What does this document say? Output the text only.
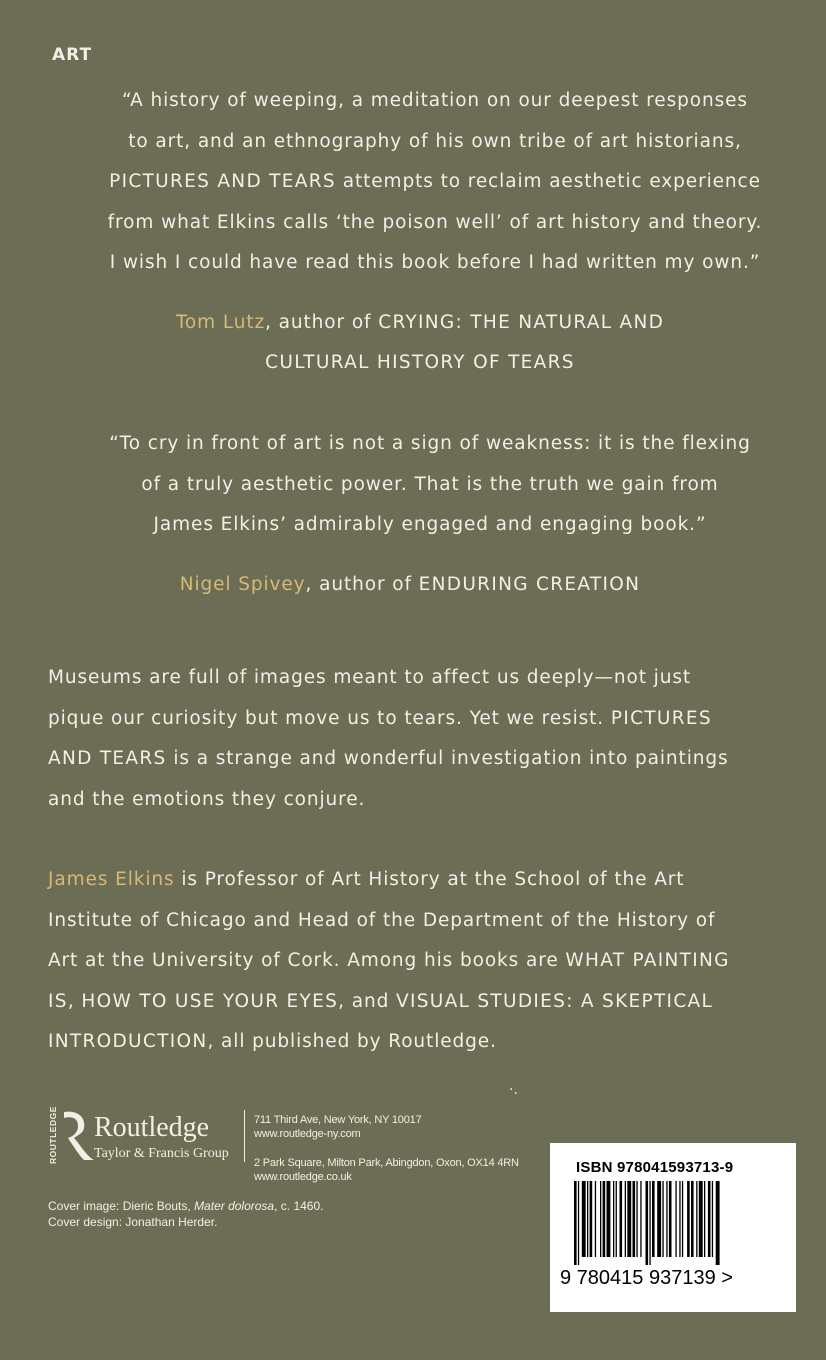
ART
“A history of weeping, a meditation on our deepest responses
to art, and an ethnography of his own tribe of art historians,
PICTURES AND TEARS attempts to reclaim aesthetic experience
from what Elkins calls ‘the poison well’ of art history and theory.
I wish I could have read this book before I had written my own.”
Tom Lutz, author of CRYING: THE NATURAL AND
CULTURAL HISTORY OF TEARS
“To cry in front of art is not a sign of weakness: it is the flexing
of a truly aesthetic power. That is the truth we gain from
James Elkins’ admirably engaged and engaging book.”
Nigel Spivey, author of ENDURING CREATION
Museums are full of images meant to affect us deeply—not just
pique our curiosity but move us to tears. Yet we resist. PICTURES
AND TEARS is a strange and wonderful investigation into paintings
and the emotions they conjure.
James Elkins is Professor of Art History at the School of the Art
Institute of Chicago and Head of the Department of the History of
Art at the University of Cork. Among his books are WHAT PAINTING
IS, HOW TO USE YOUR EYES, and VISUAL STUDIES: A SKEPTICAL
INTRODUCTION, all published by Routledge.
·.
ROUTLEDGE Routledge
Taylor & Francis Group
711 Third Ave, New York, NY 10017
www.routledge-ny.com
2 Park Square, Milton Park, Abingdon, Oxon, OX14 4RN
www.routledge.co.uk
Cover image: Dieric Bouts, Mater dolorosa, c. 1460.
Cover design: Jonathan Herder.
ISBN 978041593713-9
9 780415 937139 >
